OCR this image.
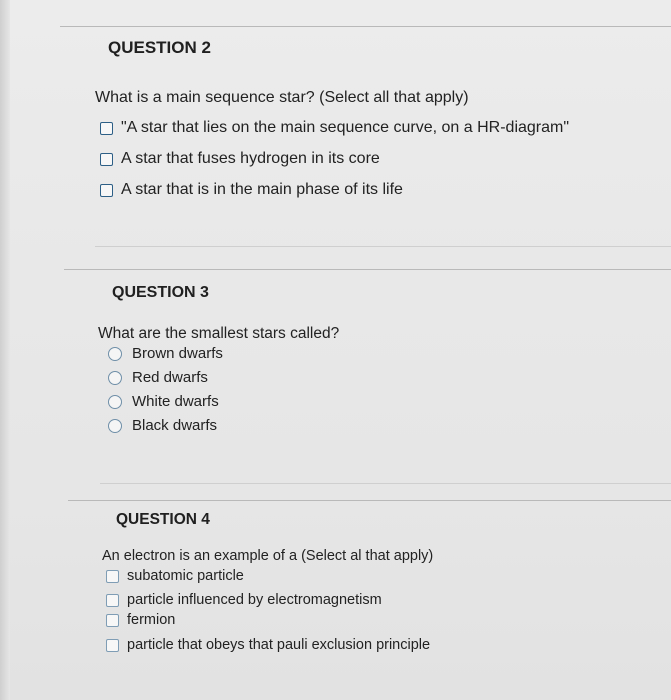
QUESTION 2
What is a main sequence star? (Select all that apply)
"A star that lies on the main sequence curve, on a HR-diagram"
A star that fuses hydrogen in its core
A star that is in the main phase of its life
QUESTION 3
What are the smallest stars called?
Brown dwarfs
Red dwarfs
White dwarfs
Black dwarfs
QUESTION 4
An electron is an example of a (Select al that apply)
subatomic particle
particle influenced by electromagnetism
fermion
particle that obeys that pauli exclusion principle
